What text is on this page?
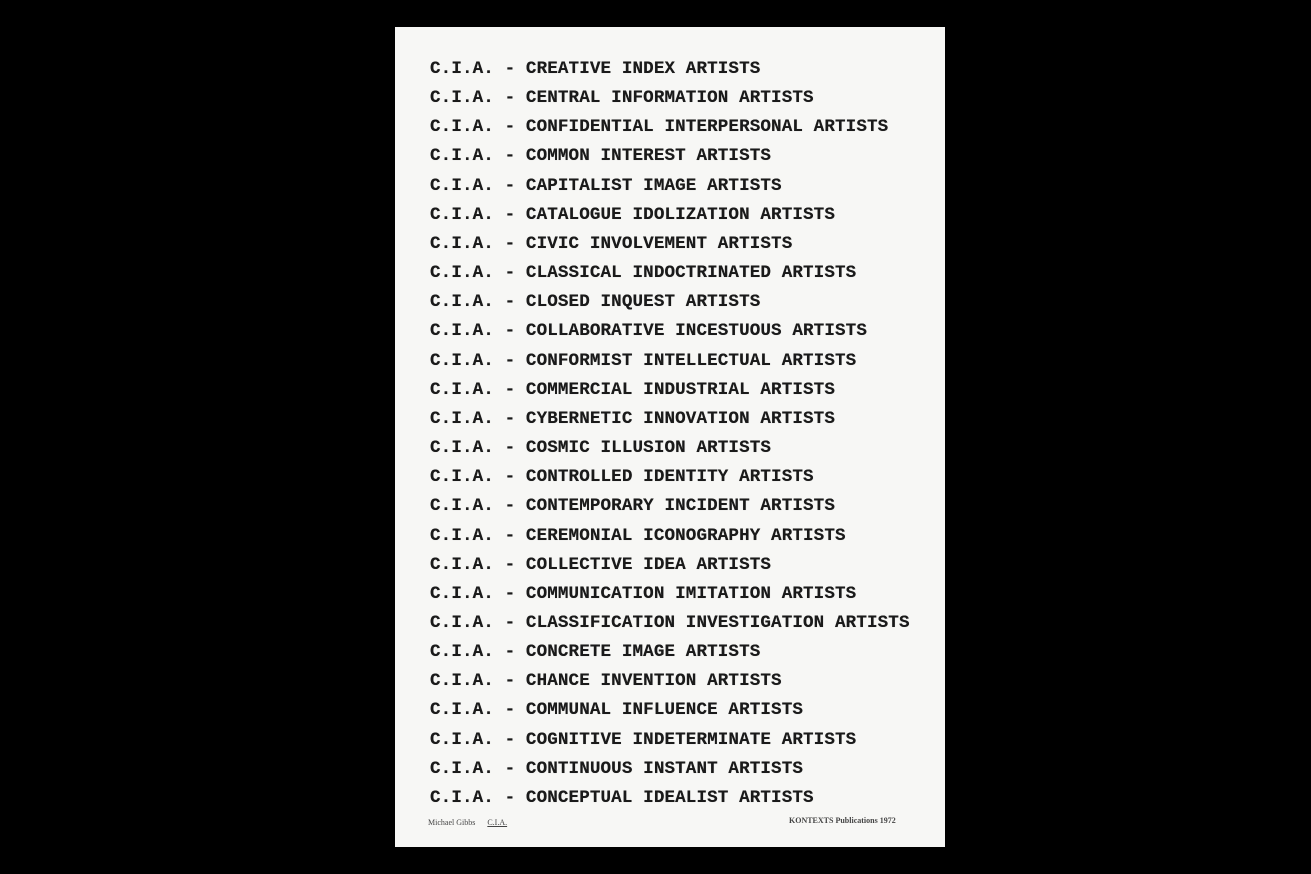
C.I.A. - CREATIVE INDEX ARTISTS
C.I.A. - CENTRAL INFORMATION ARTISTS
C.I.A. - CONFIDENTIAL INTERPERSONAL ARTISTS
C.I.A. - COMMON INTEREST ARTISTS
C.I.A. - CAPITALIST IMAGE ARTISTS
C.I.A. - CATALOGUE IDOLIZATION ARTISTS
C.I.A. - CIVIC INVOLVEMENT ARTISTS
C.I.A. - CLASSICAL INDOCTRINATED ARTISTS
C.I.A. - CLOSED INQUEST ARTISTS
C.I.A. - COLLABORATIVE INCESTUOUS ARTISTS
C.I.A. - CONFORMIST INTELLECTUAL ARTISTS
C.I.A. - COMMERCIAL INDUSTRIAL ARTISTS
C.I.A. - CYBERNETIC INNOVATION ARTISTS
C.I.A. - COSMIC ILLUSION ARTISTS
C.I.A. - CONTROLLED IDENTITY ARTISTS
C.I.A. - CONTEMPORARY INCIDENT ARTISTS
C.I.A. - CEREMONIAL ICONOGRAPHY ARTISTS
C.I.A. - COLLECTIVE IDEA ARTISTS
C.I.A. - COMMUNICATION IMITATION ARTISTS
C.I.A. - CLASSIFICATION INVESTIGATION ARTISTS
C.I.A. - CONCRETE IMAGE ARTISTS
C.I.A. - CHANCE INVENTION ARTISTS
C.I.A. - COMMUNAL INFLUENCE ARTISTS
C.I.A. - COGNITIVE INDETERMINATE ARTISTS
C.I.A. - CONTINUOUS INSTANT ARTISTS
C.I.A. - CONCEPTUAL IDEALIST ARTISTS
Michael Gibbs C.I.A.	KONTEXTS Publications 1972
